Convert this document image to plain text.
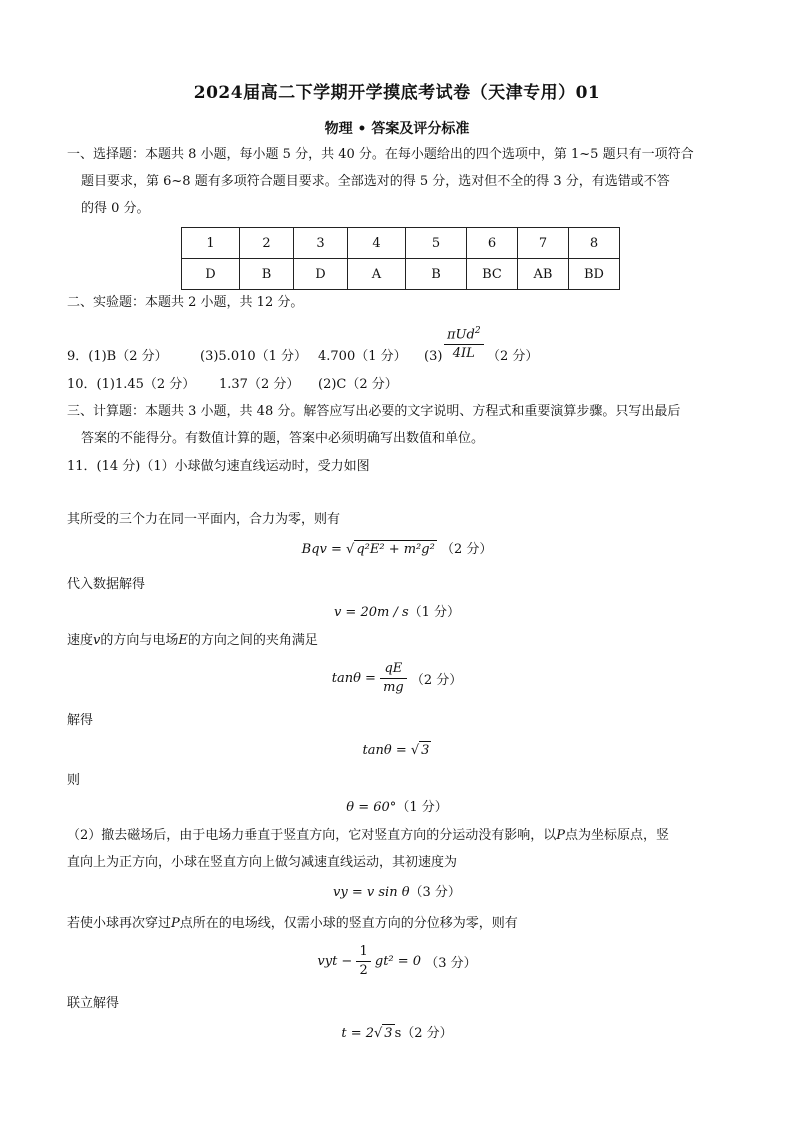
2024届高二下学期开学摸底考试卷（天津专用）01
物理 • 答案及评分标准
一、选择题：本题共 8 小题，每小题 5 分，共 40 分。在每小题给出的四个选项中，第 1~5 题只有一项符合
题目要求，第 6~8 题有多项符合题目要求。全部选对的得 5 分，选对但不全的得 3 分，有选错或不答
的得 0 分。
1	2	3	4	5	6	7	8
D	B	D	A	B	BC	AB	BD
二、实验题：本题共 2 小题，共 12 分。
9．(1)B（2 分） (3)5.010（1 分） 4.700（1 分） $(3) \frac{\pi Ud^2}{4IL} (2$ 分）
10．(1)1.45（2 分） 1.37（2 分） (2)C（2 分）
三、计算题：本题共 3 小题，共 48 分。解答应写出必要的文字说明、方程式和重要演算步骤。只写出最后
答案的不能得分。有数值计算的题，答案中必须明确写出数值和单位。
11．(14 分)（1）小球做匀速直线运动时，受力如图
其所受的三个力在同一平面内，合力为零，则有
Bqv = √ q²E² + m²g² （2 分）
代入数据解得
v = 20m / s（1 分）
速度v的方向与电场E的方向之间的夹角满足
$\tan\theta = \frac{qE}{mg} (2$ 分）
解得
tanθ = √ 3
则
θ = 60°（1 分）
（2）撤去磁场后，由于电场力垂直于竖直方向，它对竖直方向的分运动没有影响，以P点为坐标原点，竖
直向上为正方向，小球在竖直方向上做匀减速直线运动，其初速度为
vy = v sin θ（3 分）
若使小球再次穿过P点所在的电场线，仅需小球的竖直方向的分位移为零，则有
vyt − $\frac{1}{2} gt^2 = 0$ （3 分）
联立解得
t = 2√ 3 s（2 分）
